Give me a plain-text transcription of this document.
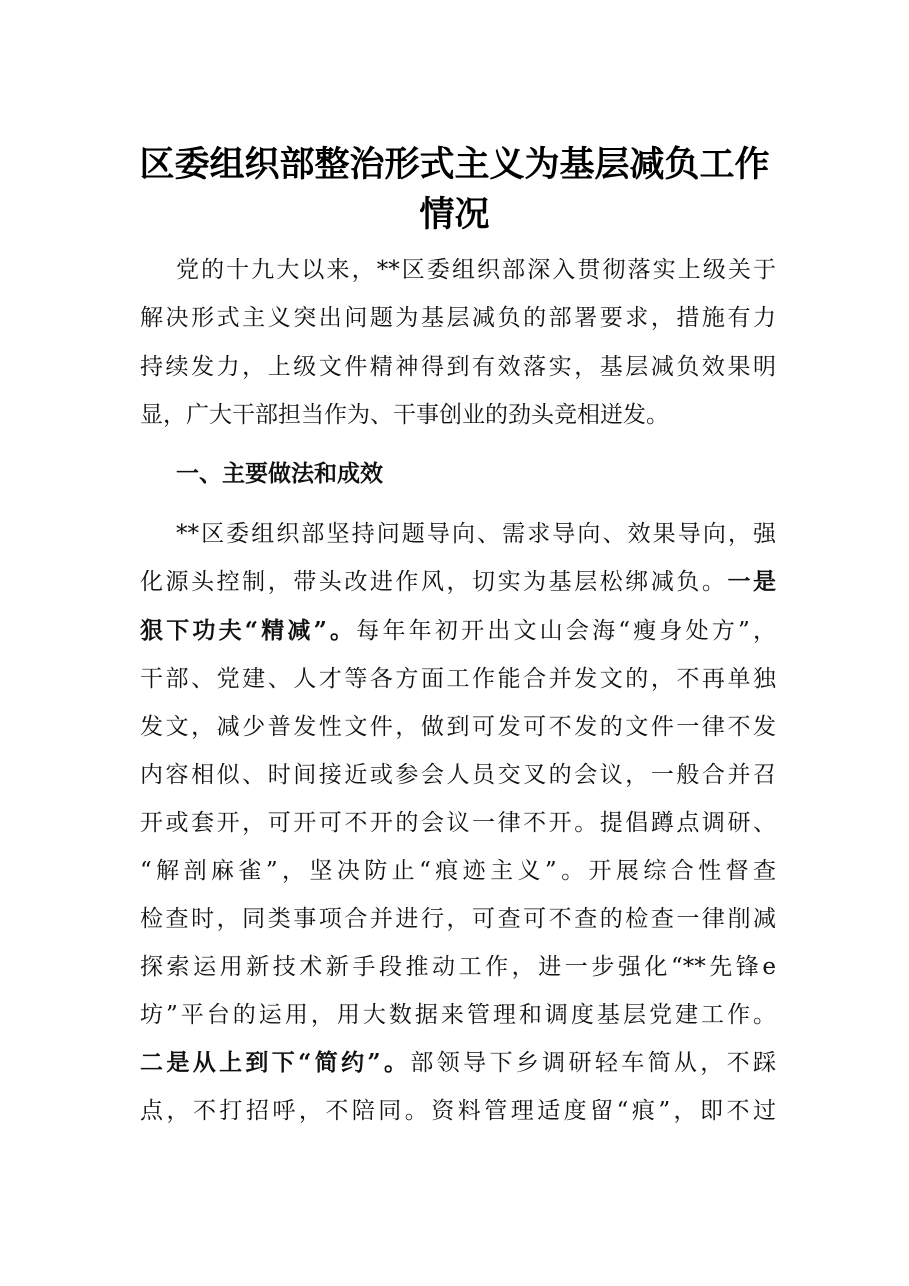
区委组织部整治形式主义为基层减负工作
情况
党的十九大以来，**区委组织部深入贯彻落实上级关于
解决形式主义突出问题为基层减负的部署要求，措施有力
持续发力，上级文件精神得到有效落实，基层减负效果明
显，广大干部担当作为、干事创业的劲头竞相迸发。
一、主要做法和成效
**区委组织部坚持问题导向、需求导向、效果导向，强
化源头控制，带头改进作风，切实为基层松绑减负。一是
狠下功夫“精减”。每年年初开出文山会海“瘦身处方”，
干部、党建、人才等各方面工作能合并发文的，不再单独
发文，减少普发性文件，做到可发可不发的文件一律不发
内容相似、时间接近或参会人员交叉的会议，一般合并召
开或套开，可开可不开的会议一律不开。提倡蹲点调研、
“解剖麻雀”，坚决防止“痕迹主义”。开展综合性督查
检查时，同类事项合并进行，可查可不查的检查一律削减
探索运用新技术新手段推动工作，进一步强化“**先锋e
坊”平台的运用，用大数据来管理和调度基层党建工作。
二是从上到下“简约”。部领导下乡调研轻车简从，不踩
点，不打招呼，不陪同。资料管理适度留“痕”，即不过
